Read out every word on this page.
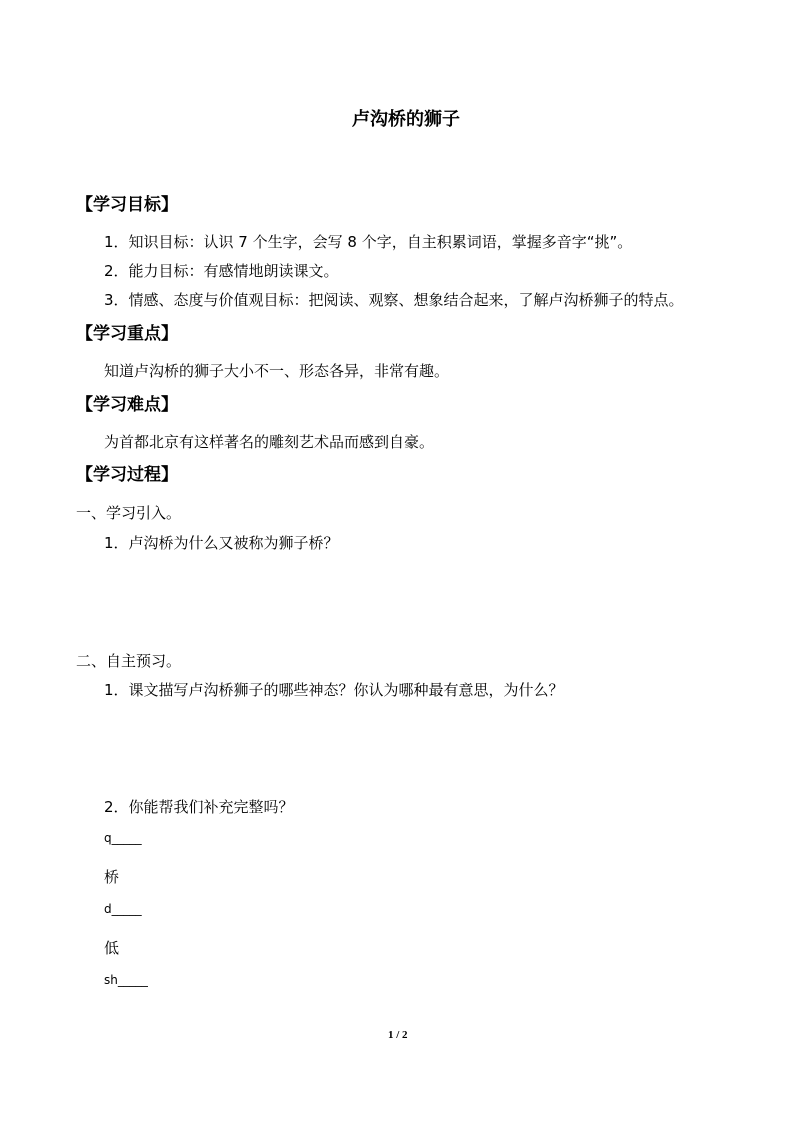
卢沟桥的狮子
【学习目标】
1．知识目标：认识 7 个生字，会写 8 个字，自主积累词语，掌握多音字“挑”。
2．能力目标：有感情地朗读课文。
3．情感、态度与价值观目标：把阅读、观察、想象结合起来，了解卢沟桥狮子的特点。
【学习重点】
知道卢沟桥的狮子大小不一、形态各异，非常有趣。
【学习难点】
为首都北京有这样著名的雕刻艺术品而感到自豪。
【学习过程】
一、学习引入。
1．卢沟桥为什么又被称为狮子桥？
二、自主预习。
1．课文描写卢沟桥狮子的哪些神态？你认为哪种最有意思，为什么？
2．你能帮我们补充完整吗？
q_____
桥
d_____
低
sh_____
1 / 2
